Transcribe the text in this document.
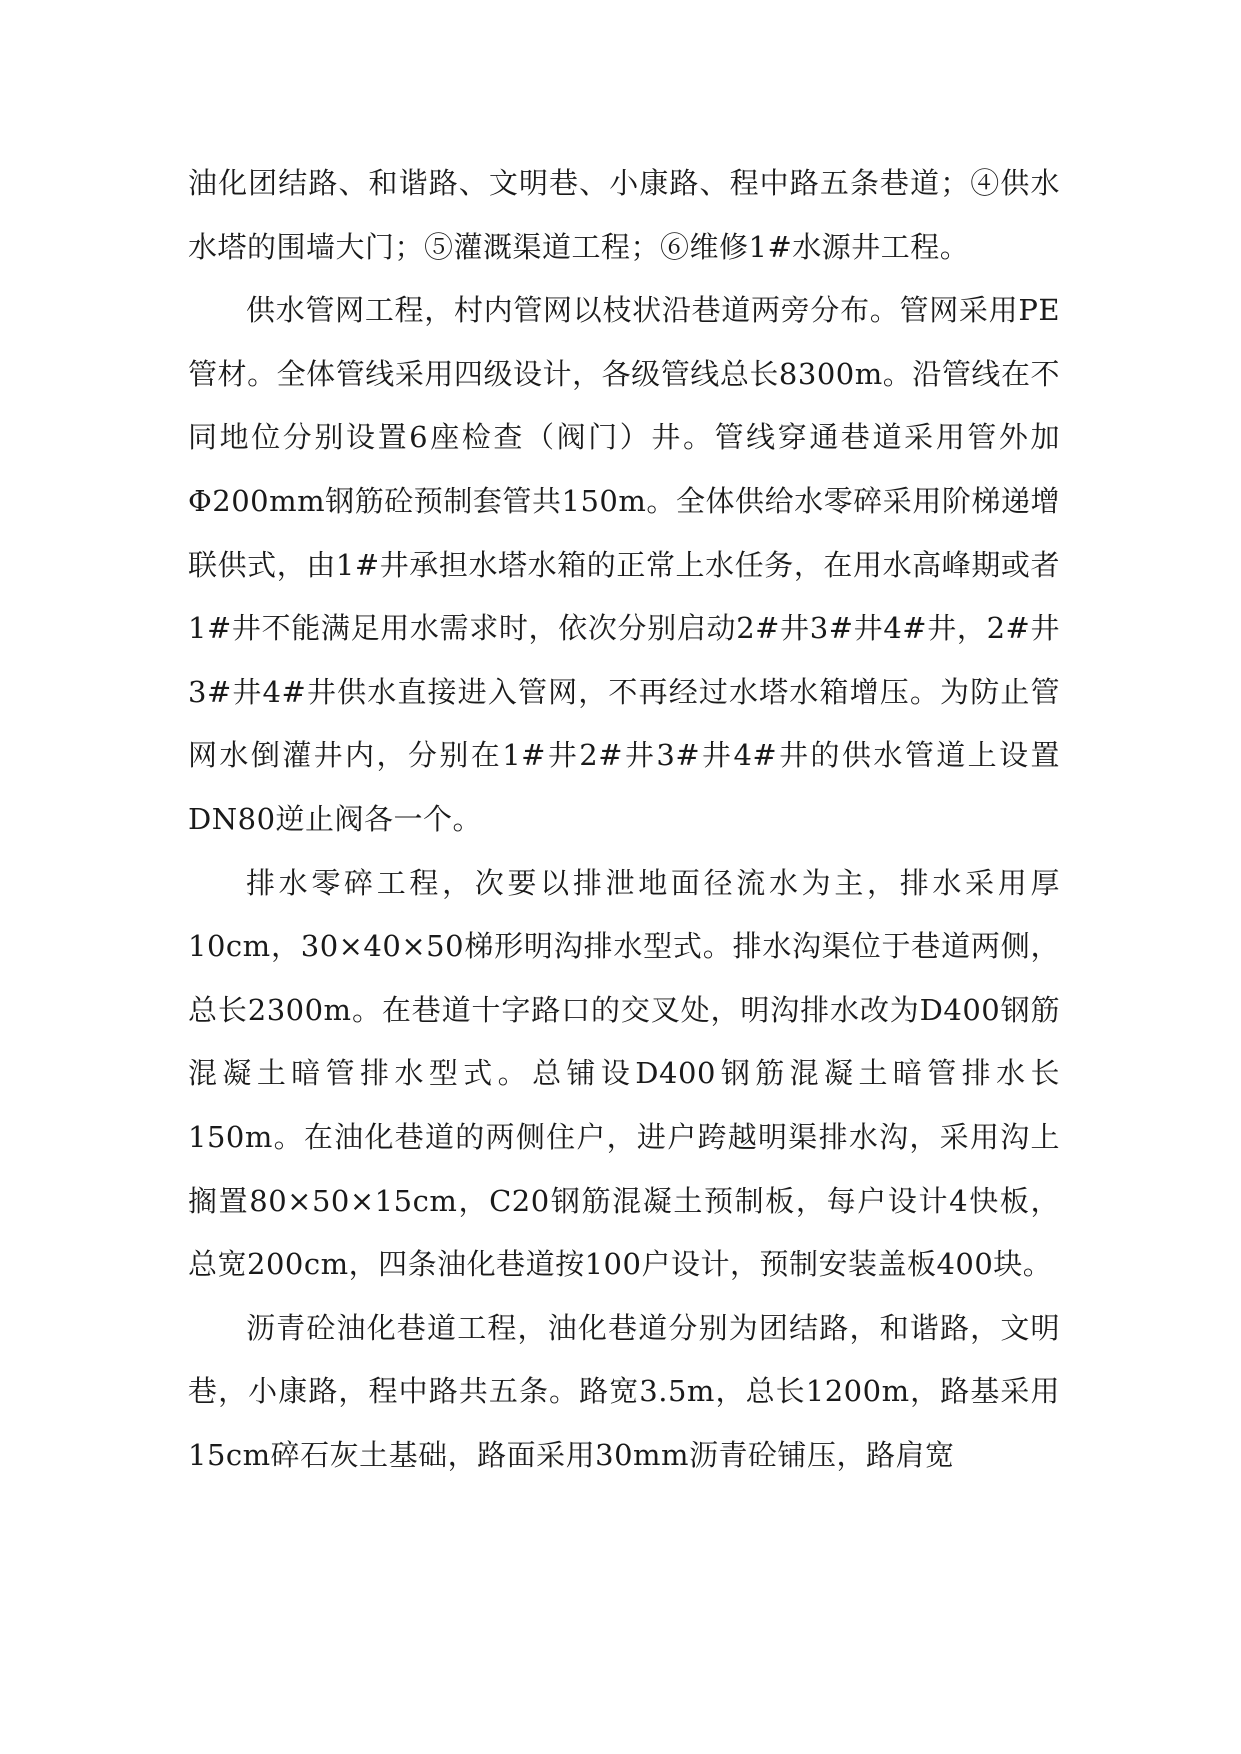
油化团结路、和谐路、文明巷、小康路、程中路五条巷道；④供水水塔的围墙大门；⑤灌溉渠道工程；⑥维修1#水源井工程。

供水管网工程，村内管网以枝状沿巷道两旁分布。管网采用PE管材。全体管线采用四级设计，各级管线总长8300m。沿管线在不同地位分别设置6座检查（阀门）井。管线穿通巷道采用管外加Φ200mm钢筋砼预制套管共150m。全体供给水零碎采用阶梯递增联供式，由1#井承担水塔水箱的正常上水任务，在用水高峰期或者1#井不能满足用水需求时，依次分别启动2#井3#井4#井，2#井3#井4#井供水直接进入管网，不再经过水塔水箱增压。为防止管网水倒灌井内，分别在1#井2#井3#井4#井的供水管道上设置DN80逆止阀各一个。

排水零碎工程，次要以排泄地面径流水为主，排水采用厚10cm，30×40×50梯形明沟排水型式。排水沟渠位于巷道两侧，总长2300m。在巷道十字路口的交叉处，明沟排水改为D400钢筋混凝土暗管排水型式。总铺设D400钢筋混凝土暗管排水长150m。在油化巷道的两侧住户，进户跨越明渠排水沟，采用沟上搁置80×50×15cm，C20钢筋混凝土预制板，每户设计4快板，总宽200cm，四条油化巷道按100户设计，预制安装盖板400块。

沥青砼油化巷道工程，油化巷道分别为团结路，和谐路，文明巷，小康路，程中路共五条。路宽3.5m，总长1200m，路基采用15cm碎石灰土基础，路面采用30mm沥青砼铺压，路肩宽
